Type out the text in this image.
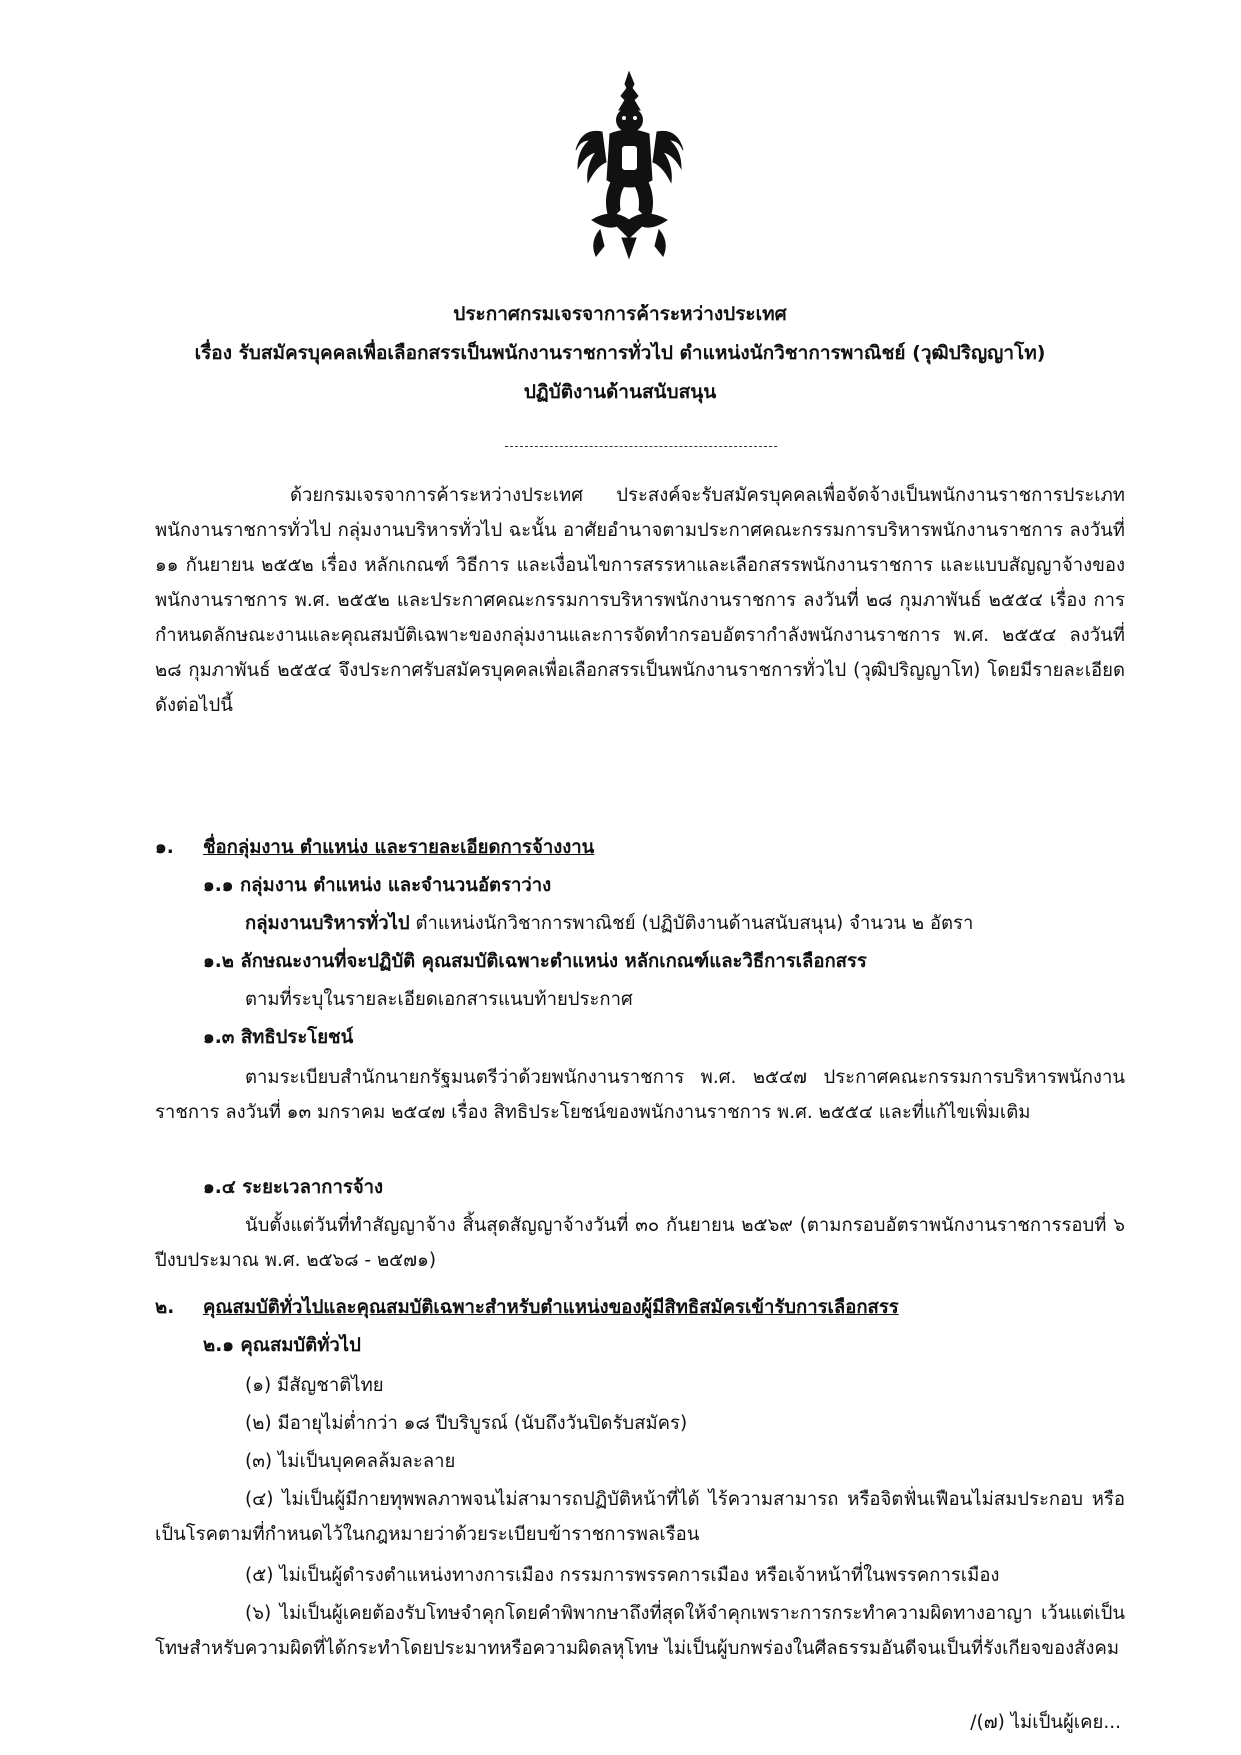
ประกาศกรมเจรจาการค้าระหว่างประเทศ
เรื่อง รับสมัครบุคคลเพื่อเลือกสรรเป็นพนักงานราชการทั่วไป ตำแหน่งนักวิชาการพาณิชย์ (วุฒิปริญญาโท)
ปฏิบัติงานด้านสนับสนุน
ด้วยกรมเจรจาการค้าระหว่างประเทศ ประสงค์จะรับสมัครบุคคลเพื่อจัดจ้างเป็นพนักงานราชการประเภทพนักงานราชการทั่วไป กลุ่มงานบริหารทั่วไป ฉะนั้น อาศัยอำนาจตามประกาศคณะกรรมการบริหารพนักงานราชการ ลงวันที่ ๑๑ กันยายน ๒๕๕๒ เรื่อง หลักเกณฑ์ วิธีการ และเงื่อนไขการสรรหาและเลือกสรรพนักงานราชการ และแบบสัญญาจ้างของพนักงานราชการ พ.ศ. ๒๕๕๒ และประกาศคณะกรรมการบริหารพนักงานราชการ ลงวันที่ ๒๘ กุมภาพันธ์ ๒๕๕๔ เรื่อง การกำหนดลักษณะงานและคุณสมบัติเฉพาะของกลุ่มงานและการจัดทำกรอบอัตรากำลังพนักงานราชการ พ.ศ. ๒๕๕๔ ลงวันที่ ๒๘ กุมภาพันธ์ ๒๕๕๔ จึงประกาศรับสมัครบุคคลเพื่อเลือกสรรเป็นพนักงานราชการทั่วไป (วุฒิปริญญาโท) โดยมีรายละเอียด ดังต่อไปนี้
๑. ชื่อกลุ่มงาน ตำแหน่ง และรายละเอียดการจ้างงาน
๑.๑ กลุ่มงาน ตำแหน่ง และจำนวนอัตราว่าง
กลุ่มงานบริหารทั่วไป ตำแหน่งนักวิชาการพาณิชย์ (ปฏิบัติงานด้านสนับสนุน) จำนวน ๒ อัตรา
๑.๒ ลักษณะงานที่จะปฏิบัติ คุณสมบัติเฉพาะตำแหน่ง หลักเกณฑ์และวิธีการเลือกสรร
ตามที่ระบุในรายละเอียดเอกสารแนบท้ายประกาศ
๑.๓ สิทธิประโยชน์
ตามระเบียบสำนักนายกรัฐมนตรีว่าด้วยพนักงานราชการ พ.ศ. ๒๕๔๗ ประกาศคณะกรรมการบริหารพนักงานราชการ ลงวันที่ ๑๓ มกราคม ๒๕๔๗ เรื่อง สิทธิประโยชน์ของพนักงานราชการ พ.ศ. ๒๕๕๔ และที่แก้ไขเพิ่มเติม
๑.๔ ระยะเวลาการจ้าง
นับตั้งแต่วันที่ทำสัญญาจ้าง สิ้นสุดสัญญาจ้างวันที่ ๓๐ กันยายน ๒๕๖๙ (ตามกรอบอัตราพนักงานราชการรอบที่ ๖ ปีงบประมาณ พ.ศ. ๒๕๖๘ - ๒๕๗๑)
๒. คุณสมบัติทั่วไปและคุณสมบัติเฉพาะสำหรับตำแหน่งของผู้มีสิทธิสมัครเข้ารับการเลือกสรร
๒.๑ คุณสมบัติทั่วไป
(๑) มีสัญชาติไทย
(๒) มีอายุไม่ต่ำกว่า ๑๘ ปีบริบูรณ์ (นับถึงวันปิดรับสมัคร)
(๓) ไม่เป็นบุคคลล้มละลาย
(๔) ไม่เป็นผู้มีกายทุพพลภาพจนไม่สามารถปฏิบัติหน้าที่ได้ ไร้ความสามารถ หรือจิตฟั่นเฟือนไม่สมประกอบ หรือเป็นโรคตามที่กำหนดไว้ในกฎหมายว่าด้วยระเบียบข้าราชการพลเรือน
(๕) ไม่เป็นผู้ดำรงตำแหน่งทางการเมือง กรรมการพรรคการเมือง หรือเจ้าหน้าที่ในพรรคการเมือง
(๖) ไม่เป็นผู้เคยต้องรับโทษจำคุกโดยคำพิพากษาถึงที่สุดให้จำคุกเพราะการกระทำความผิดทางอาญา เว้นแต่เป็นโทษสำหรับความผิดที่ได้กระทำโดยประมาทหรือความผิดลหุโทษ ไม่เป็นผู้บกพร่องในศีลธรรมอันดีจนเป็นที่รังเกียจของสังคม
/(๗) ไม่เป็นผู้เคย...
